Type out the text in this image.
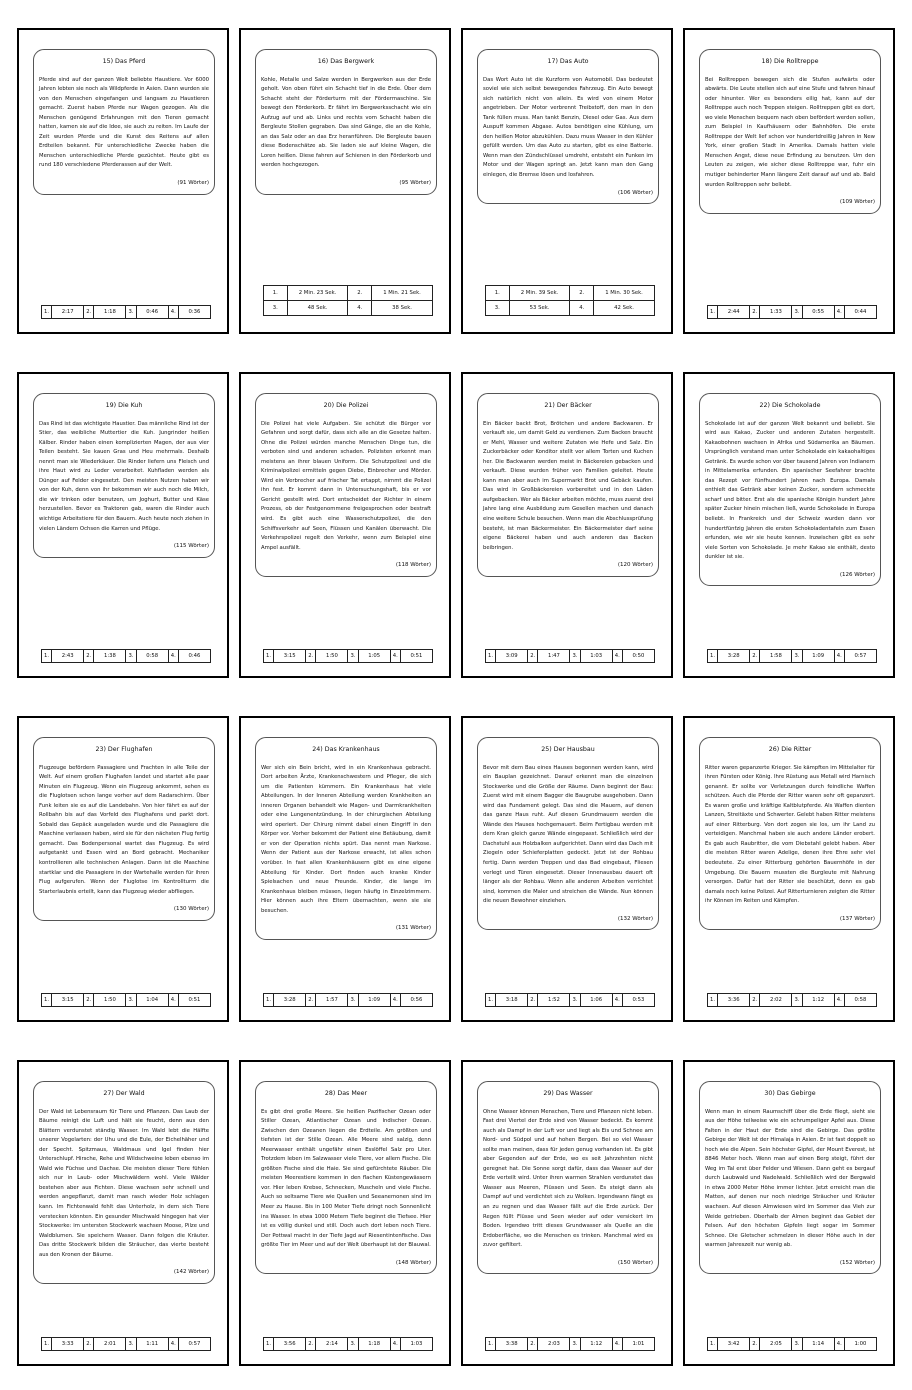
15) Das Pferd

Pferde sind auf der ganzen Welt beliebte Haustiere. Vor 6000 Jahren lebten sie noch als Wildpferde in Asien. Dann wurden sie von den Menschen eingefangen und langsam zu Haustieren gemacht. Zuerst haben Pferde nur Wagen gezogen. Als die Menschen genügend Erfahrungen mit den Tieren gemacht hatten, kamen sie auf die Idee, sie auch zu reiten. Im Laufe der Zeit wurden Pferde und die Kunst des Reitens auf allen Erdteilen bekannt. Für unterschiedliche Zwecke haben die Menschen unterschiedliche Pferde gezüchtet. Heute gibt es rund 180 verschiedene Pferderassen auf der Welt.

(91 Wörter)
1.	2:17	2.	1:18	3.	0:46	4.	0:36
16) Das Bergwerk

Kohle, Metalle und Salze werden in Bergwerken aus der Erde geholt. Von oben führt ein Schacht tief in die Erde. Über dem Schacht steht der Förderturm mit der Fördermaschine. Sie bewegt den Förderkorb. Er fährt im Bergwerksschacht wie ein Aufzug auf und ab. Links und rechts vom Schacht haben die Bergleute Stollen gegraben. Das sind Gänge, die an die Kohle, an das Salz oder an das Erz heranführen. Die Bergleute bauen diese Bodenschätze ab. Sie laden sie auf kleine Wagen, die Loren heißen. Diese fahren auf Schienen in den Förderkorb und werden hochgezogen.

(95 Wörter)
1.	2 Min. 23 Sek.	2.	1 Min. 21 Sek.
3.	48 Sek.	4.	38 Sek.
17) Das Auto

Das Wort Auto ist die Kurzform von Automobil. Das bedeutet soviel wie sich selbst bewegendes Fahrzeug. Ein Auto bewegt sich natürlich nicht von allein. Es wird von einem Motor angetrieben. Der Motor verbrennt Treibstoff, den man in den Tank füllen muss. Man tankt Benzin, Diesel oder Gas. Aus dem Auspuff kommen Abgase. Autos benötigen eine Kühlung, um den heißen Motor abzukühlen. Dazu muss Wasser in den Kühler gefüllt werden. Um das Auto zu starten, gibt es eine Batterie. Wenn man den Zündschlüssel umdreht, entsteht ein Funken im Motor und der Wagen springt an. Jetzt kann man den Gang einlegen, die Bremse lösen und losfahren.

(106 Wörter)
1.	2 Min. 39 Sek.	2.	1 Min. 30 Sek.
3.	53 Sek.	4.	42 Sek.
18) Die Rolltreppe

Bei Rolltreppen bewegen sich die Stufen aufwärts oder abwärts. Die Leute stellen sich auf eine Stufe und fahren hinauf oder hinunter. Wer es besonders eilig hat, kann auf der Rolltreppe auch noch Treppen steigen. Rolltreppen gibt es dort, wo viele Menschen bequem nach oben befördert werden sollen, zum Beispiel in Kaufhäusern oder Bahnhöfen. Die erste Rolltreppe der Welt lief schon vor hundertdreißig Jahren in New York, einer großen Stadt in Amerika. Damals hatten viele Menschen Angst, diese neue Erfindung zu benutzen. Um den Leuten zu zeigen, wie sicher diese Rolltreppe war, fuhr ein mutiger behinderter Mann längere Zeit darauf auf und ab. Bald wurden Rolltreppen sehr beliebt.

(109 Wörter)
1.	2:44	2.	1:33	3.	0:55	4.	0:44
19) Die Kuh

Das Rind ist das wichtigste Haustier. Das männliche Rind ist der Stier, das weibliche Muttertier die Kuh. Jungrinder heißen Kälber. Rinder haben einen komplizierten Magen, der aus vier Teilen besteht. Sie kauen Gras und Heu mehrmals. Deshalb nennt man sie Wiederkäuer. Die Rinder liefern uns Fleisch und ihre Haut wird zu Leder verarbeitet. Kuhfladen werden als Dünger auf Felder eingesetzt. Den meisten Nutzen haben wir von der Kuh, denn von ihr bekommen wir auch noch die Milch, die wir trinken oder benutzen, um Joghurt, Butter und Käse herzustellen. Bevor es Traktoren gab, waren die Rinder auch wichtige Arbeitstiere für den Bauern. Auch heute noch ziehen in vielen Ländern Ochsen die Karren und Pflüge.

(115 Wörter)
1.	2:43	2.	1:38	3.	0:58	4.	0:46
20) Die Polizei

Die Polizei hat viele Aufgaben. Sie schützt die Bürger vor Gefahren und sorgt dafür, dass sich alle an die Gesetze halten. Ohne die Polizei würden manche Menschen Dinge tun, die verboten sind und anderen schaden. Polizisten erkennt man meistens an ihrer blauen Uniform. Die Schutzpolizei und die Kriminalpolizei ermitteln gegen Diebe, Einbrecher und Mörder. Wird ein Verbrecher auf frischer Tat ertappt, nimmt die Polizei ihn fest. Er kommt dann in Untersuchungshaft, bis er vor Gericht gestellt wird. Dort entscheidet der Richter in einem Prozess, ob der Festgenommene freigesprochen oder bestraft wird. Es gibt auch eine Wasserschutzpolizei, die den Schiffsverkehr auf Seen, Flüssen und Kanälen überwacht. Die Verkehrspolizei regelt den Verkehr, wenn zum Beispiel eine Ampel ausfällt.

(118 Wörter)
1.	3:15	2.	1:50	3.	1:05	4.	0:51
21) Der Bäcker

Ein Bäcker backt Brot, Brötchen und andere Backwaren. Er verkauft sie, um damit Geld zu verdienen. Zum Backen braucht er Mehl, Wasser und weitere Zutaten wie Hefe und Salz. Ein Zuckerbäcker oder Konditor stellt vor allem Torten und Kuchen her. Die Backwaren werden meist in Bäckereien gebacken und verkauft. Diese wurden früher von Familien geleitet. Heute kann man aber auch im Supermarkt Brot und Gebäck kaufen. Das wird in Großbäckereien vorbereitet und in den Läden aufgebacken. Wer als Bäcker arbeiten möchte, muss zuerst drei Jahre lang eine Ausbildung zum Gesellen machen und danach eine weitere Schule besuchen. Wenn man die Abschlussprüfung besteht, ist man Bäckermeister. Ein Bäckermeister darf seine eigene Bäckerei haben und auch anderen das Backen beibringen.

(120 Wörter)
1.	3:09	2.	1:47	3.	1:03	4.	0:50
22) Die Schokolade

Schokolade ist auf der ganzen Welt bekannt und beliebt. Sie wird aus Kakao, Zucker und anderen Zutaten hergestellt. Kakaobohnen wachsen in Afrika und Südamerika an Bäumen. Ursprünglich verstand man unter Schokolade ein kakaohaltiges Getränk. Es wurde schon vor über tausend Jahren von Indianern in Mittelamerika erfunden. Ein spanischer Seefahrer brachte das Rezept vor fünfhundert Jahren nach Europa. Damals enthielt das Getränk aber keinen Zucker, sondern schmeckte scharf und bitter. Erst als die spanische Königin hundert Jahre später Zucker hinein mischen ließ, wurde Schokolade in Europa beliebt. In Frankreich und der Schweiz wurden dann vor hundertfünfzig Jahren die ersten Schokoladentafeln zum Essen erfunden, wie wir sie heute kennen. Inzwischen gibt es sehr viele Sorten von Schokolade. Je mehr Kakao sie enthält, desto dunkler ist sie.

(126 Wörter)
1.	3:28	2.	1:58	3.	1:09	4.	0:57
23) Der Flughafen

Flugzeuge befördern Passagiere und Frachten in alle Teile der Welt. Auf einem großen Flughafen landet und startet alle paar Minuten ein Flugzeug. Wenn ein Flugzeug ankommt, sehen es die Fluglotsen schon lange vorher auf dem Radarschirm. Über Funk leiten sie es auf die Landebahn. Von hier fährt es auf der Rollbahn bis auf das Vorfeld des Flughafens und parkt dort. Sobald das Gepäck ausgeladen wurde und die Passagiere die Maschine verlassen haben, wird sie für den nächsten Flug fertig gemacht. Das Bodenpersonal wartet das Flugzeug. Es wird aufgetankt und Essen wird an Bord gebracht. Mechaniker kontrollieren alle technischen Anlagen. Dann ist die Maschine startklar und die Passagiere in der Wartehalle werden für ihren Flug aufgerufen. Wenn der Fluglotse im Kontrollturm die Starterlaubnis erteilt, kann das Flugzeug wieder abfliegen.

(130 Wörter)
1.	3:15	2.	1:50	3.	1:04	4.	0:51
24) Das Krankenhaus

Wer sich ein Bein bricht, wird in ein Krankenhaus gebracht. Dort arbeiten Ärzte, Krankenschwestern und Pfleger, die sich um die Patienten kümmern. Ein Krankenhaus hat viele Abteilungen. In der Inneren Abteilung werden Krankheiten an inneren Organen behandelt wie Magen- und Darmkrankheiten oder eine Lungenentzündung. In der chirurgischen Abteilung wird operiert. Der Chirurg nimmt dabei einen Eingriff in den Körper vor. Vorher bekommt der Patient eine Betäubung, damit er von der Operation nichts spürt. Das nennt man Narkose. Wenn der Patient aus der Narkose erwacht, ist alles schon vorüber. In fast allen Krankenhäusern gibt es eine eigene Abteilung für Kinder. Dort finden auch kranke Kinder Spielsachen und neue Freunde. Kinder, die lange im Krankenhaus bleiben müssen, liegen häufig in Einzelzimmern. Hier können auch ihre Eltern übernachten, wenn sie sie besuchen.

(131 Wörter)
1.	3:28	2.	1:57	3.	1:09	4.	0:56
25) Der Hausbau

Bevor mit dem Bau eines Hauses begonnen werden kann, wird ein Bauplan gezeichnet. Darauf erkennt man die einzelnen Stockwerke und die Größe der Räume. Dann beginnt der Bau: Zuerst wird mit einem Bagger die Baugrube ausgehoben. Dann wird das Fundament gelegt. Das sind die Mauern, auf denen das ganze Haus ruht. Auf diesen Grundmauern werden die Wände des Hauses hochgemauert. Beim Fertigbau werden mit dem Kran gleich ganze Wände eingepasst. Schließlich wird der Dachstuhl aus Holzbalken aufgerichtet. Dann wird das Dach mit Ziegeln oder Schieferplatten gedeckt. Jetzt ist der Rohbau fertig. Dann werden Treppen und das Bad eingebaut, Fliesen verlegt und Türen eingesetzt. Dieser Innenausbau dauert oft länger als der Rohbau. Wenn alle anderen Arbeiten verrichtet sind, kommen die Maler und streichen die Wände. Nun können die neuen Bewohner einziehen.

(132 Wörter)
1.	3:18	2.	1:52	3.	1:06	4.	0:53
26) Die Ritter

Ritter waren gepanzerte Krieger. Sie kämpften im Mittelalter für ihren Fürsten oder König. Ihre Rüstung aus Metall wird Harnisch genannt. Er sollte vor Verletzungen durch feindliche Waffen schützen. Auch die Pferde der Ritter waren sehr oft gepanzert. Es waren große und kräftige Kaltblutpferde. Als Waffen dienten Lanzen, Streitäxte und Schwerter. Gelebt haben Ritter meistens auf einer Ritterburg. Von dort zogen sie los, um ihr Land zu verteidigen. Manchmal haben sie auch andere Länder erobert. Es gab auch Raubritter, die vom Diebstahl gelebt haben. Aber die meisten Ritter waren Adelige, denen ihre Ehre sehr viel bedeutete. Zu einer Ritterburg gehörten Bauernhöfe in der Umgebung. Die Bauern mussten die Burgleute mit Nahrung versorgen. Dafür hat der Ritter sie beschützt, denn es gab damals noch keine Polizei. Auf Ritterturnieren zeigten die Ritter ihr Können im Reiten und Kämpfen.

(137 Wörter)
1.	3:36	2.	2:02	3.	1:12	4.	0:58
27) Der Wald

Der Wald ist Lebensraum für Tiere und Pflanzen. Das Laub der Bäume reinigt die Luft und hält sie feucht, denn aus den Blättern verdunstet ständig Wasser. Im Wald lebt die Hälfte unserer Vogelarten: der Uhu und die Eule, der Eichelhäher und der Specht. Spitzmaus, Waldmaus und Igel finden hier Unterschlupf. Hirsche, Rehe und Wildschweine leben ebenso im Wald wie Füchse und Dachse. Die meisten dieser Tiere fühlen sich nur in Laub- oder Mischwäldern wohl. Viele Wälder bestehen aber aus Fichten. Diese wachsen sehr schnell und werden angepflanzt, damit man rasch wieder Holz schlagen kann. Im Fichtenwald fehlt das Unterholz, in dem sich Tiere verstecken könnten. Ein gesunder Mischwald hingegen hat vier Stockwerke: im untersten Stockwerk wachsen Moose, Pilze und Waldblumen. Sie speichern Wasser. Dann folgen die Kräuter. Das dritte Stockwerk bilden die Sträucher, das vierte besteht aus den Kronen der Bäume.

(142 Wörter)
1.	3:33	2.	2:01	3.	1:11	4.	0:57
28) Das Meer

Es gibt drei große Meere. Sie heißen Pazifischer Ozean oder Stiller Ozean, Atlantischer Ozean und Indischer Ozean. Zwischen den Ozeanen liegen die Erdteile. Am größten und tiefsten ist der Stille Ozean. Alle Meere sind salzig, denn Meerwasser enthält ungefähr einen Esslöffel Salz pro Liter. Trotzdem leben im Salzwasser viele Tiere, vor allem Fische. Die größten Fische sind die Haie. Sie sind gefürchtete Räuber. Die meisten Meerestiere kommen in den flachen Küstengewässern vor. Hier leben Krebse, Schnecken, Muscheln und viele Fische. Auch so seltsame Tiere wie Quallen und Seeanemonen sind im Meer zu Hause. Bis in 100 Meter Tiefe dringt noch Sonnenlicht ins Wasser. In etwa 1000 Metern Tiefe beginnt die Tiefsee. Hier ist es völlig dunkel und still. Doch auch dort leben noch Tiere. Der Pottwal macht in der Tiefe Jagd auf Riesentintenfische. Das größte Tier im Meer und auf der Welt überhaupt ist der Blauwal.

(148 Wörter)
1.	3:56	2.	2:14	3.	1:18	4.	1:03
29) Das Wasser

Ohne Wasser können Menschen, Tiere und Pflanzen nicht leben. Fast drei Viertel der Erde sind von Wasser bedeckt. Es kommt auch als Dampf in der Luft vor und liegt als Eis und Schnee am Nord- und Südpol und auf hohen Bergen. Bei so viel Wasser sollte man meinen, dass für jeden genug vorhanden ist. Es gibt aber Gegenden auf der Erde, wo es seit Jahrzehnten nicht geregnet hat. Die Sonne sorgt dafür, dass das Wasser auf der Erde verteilt wird. Unter ihren warmen Strahlen verdunstet das Wasser aus Meeren, Flüssen und Seen. Es steigt dann als Dampf auf und verdichtet sich zu Wolken. Irgendwann fängt es an zu regnen und das Wasser fällt auf die Erde zurück. Der Regen füllt Flüsse und Seen wieder auf oder versickert im Boden. Irgendwo tritt dieses Grundwasser als Quelle an die Erdoberfläche, wo die Menschen es trinken. Manchmal wird es zuvor gefiltert.

(150 Wörter)
1.	3:38	2.	2:03	3.	1:12	4.	1:01
30) Das Gebirge

Wenn man in einem Raumschiff über die Erde fliegt, sieht sie aus der Höhe teilweise wie ein schrumpeliger Apfel aus. Diese Falten in der Haut der Erde sind die Gebirge. Das größte Gebirge der Welt ist der Himalaja in Asien. Er ist fast doppelt so hoch wie die Alpen. Sein höchster Gipfel, der Mount Everest, ist 8846 Meter hoch. Wenn man auf einen Berg steigt, führt der Weg im Tal erst über Felder und Wiesen. Dann geht es bergauf durch Laubwald und Nadelwald. Schließlich wird der Bergwald in etwa 2000 Meter Höhe immer lichter. Jetzt erreicht man die Matten, auf denen nur noch niedrige Sträucher und Kräuter wachsen. Auf diesen Almwiesen wird im Sommer das Vieh zur Weide getrieben. Oberhalb der Almen beginnt das Gebiet der Felsen. Auf den höchsten Gipfeln liegt sogar im Sommer Schnee. Die Gletscher schmelzen in dieser Höhe auch in der warmen Jahreszeit nur wenig ab.

(152 Wörter)
1.	3:42	2.	2:05	3.	1:14	4.	1:00
